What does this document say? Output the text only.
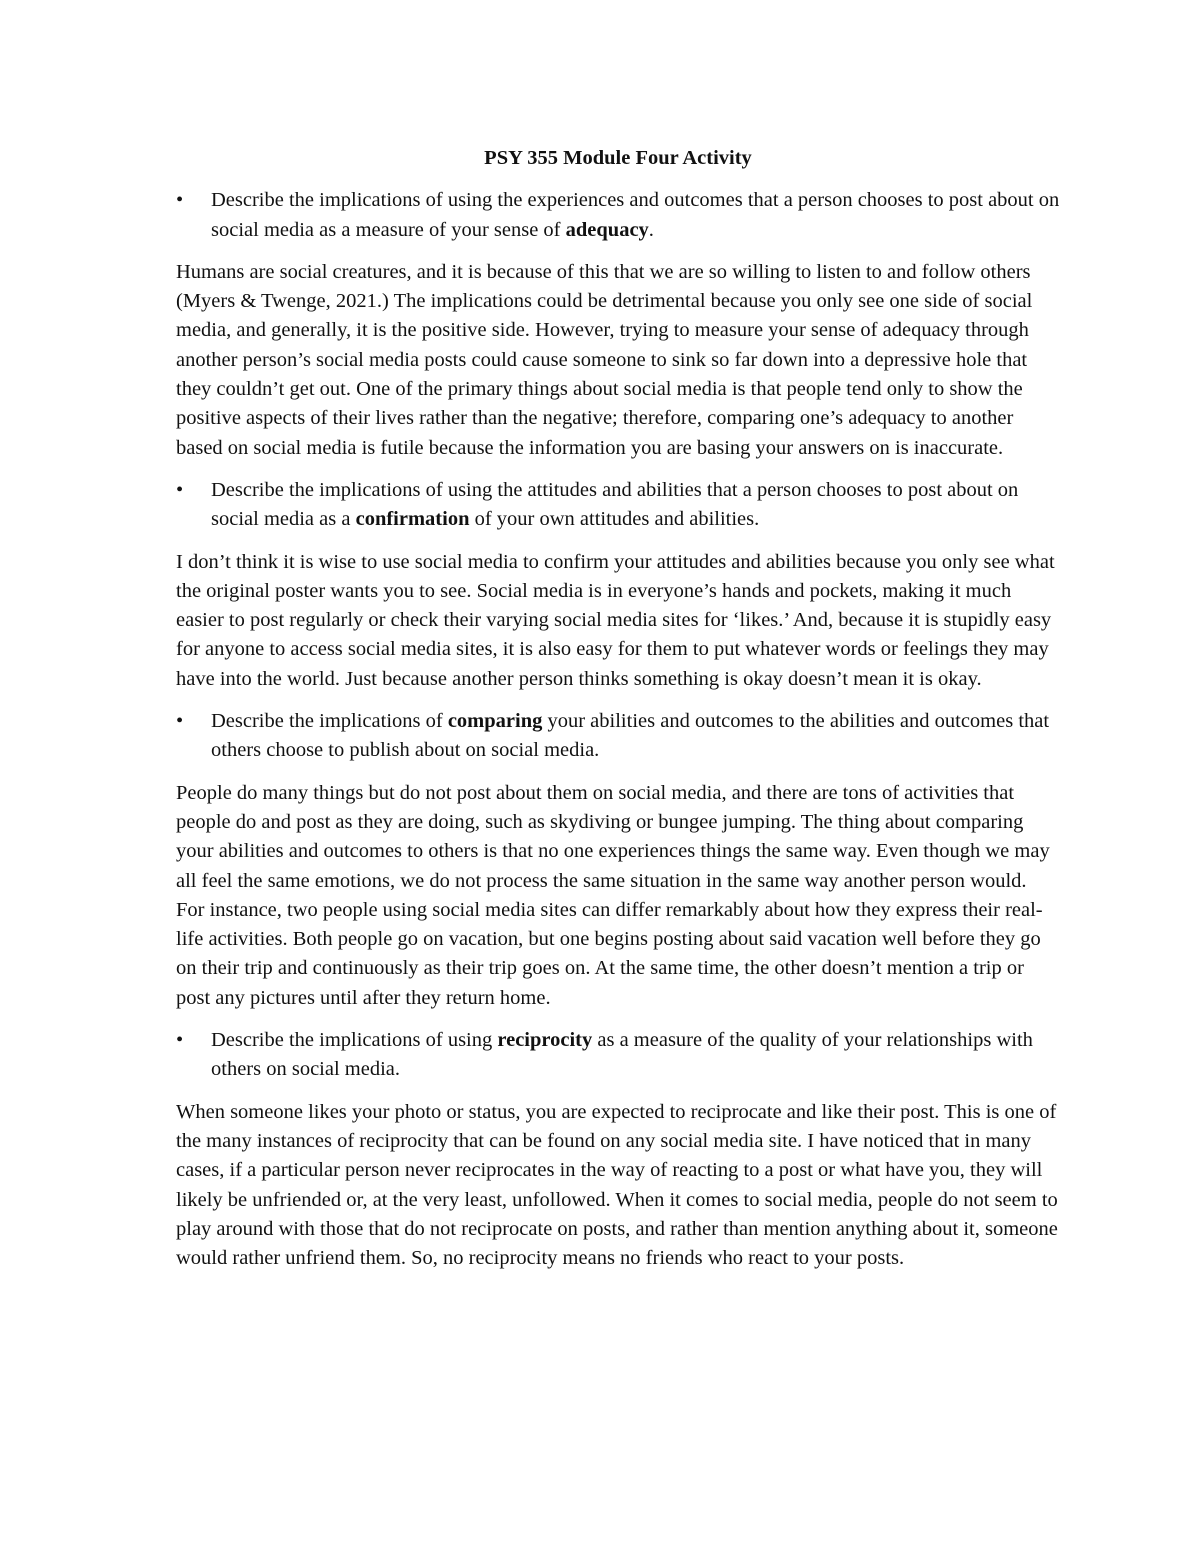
PSY 355 Module Four Activity
•	Describe the implications of using the experiences and outcomes that a person chooses to post about on social media as a measure of your sense of adequacy.

Humans are social creatures, and it is because of this that we are so willing to listen to and follow others (Myers & Twenge, 2021.) The implications could be detrimental because you only see one side of social media, and generally, it is the positive side. However, trying to measure your sense of adequacy through another person’s social media posts could cause someone to sink so far down into a depressive hole that they couldn’t get out. One of the primary things about social media is that people tend only to show the positive aspects of their lives rather than the negative; therefore, comparing one’s adequacy to another based on social media is futile because the information you are basing your answers on is inaccurate.

•	Describe the implications of using the attitudes and abilities that a person chooses to post about on social media as a confirmation of your own attitudes and abilities.

I don’t think it is wise to use social media to confirm your attitudes and abilities because you only see what the original poster wants you to see. Social media is in everyone’s hands and pockets, making it much easier to post regularly or check their varying social media sites for ‘likes.’ And, because it is stupidly easy for anyone to access social media sites, it is also easy for them to put whatever words or feelings they may have into the world. Just because another person thinks something is okay doesn’t mean it is okay.

•	Describe the implications of comparing your abilities and outcomes to the abilities and outcomes that others choose to publish about on social media.

People do many things but do not post about them on social media, and there are tons of activities that people do and post as they are doing, such as skydiving or bungee jumping. The thing about comparing your abilities and outcomes to others is that no one experiences things the same way. Even though we may all feel the same emotions, we do not process the same situation in the same way another person would. For instance, two people using social media sites can differ remarkably about how they express their real-life activities. Both people go on vacation, but one begins posting about said vacation well before they go on their trip and continuously as their trip goes on. At the same time, the other doesn’t mention a trip or post any pictures until after they return home.

•	Describe the implications of using reciprocity as a measure of the quality of your relationships with others on social media.

When someone likes your photo or status, you are expected to reciprocate and like their post. This is one of the many instances of reciprocity that can be found on any social media site. I have noticed that in many cases, if a particular person never reciprocates in the way of reacting to a post or what have you, they will likely be unfriended or, at the very least, unfollowed. When it comes to social media, people do not seem to play around with those that do not reciprocate on posts, and rather than mention anything about it, someone would rather unfriend them. So, no reciprocity means no friends who react to your posts.
